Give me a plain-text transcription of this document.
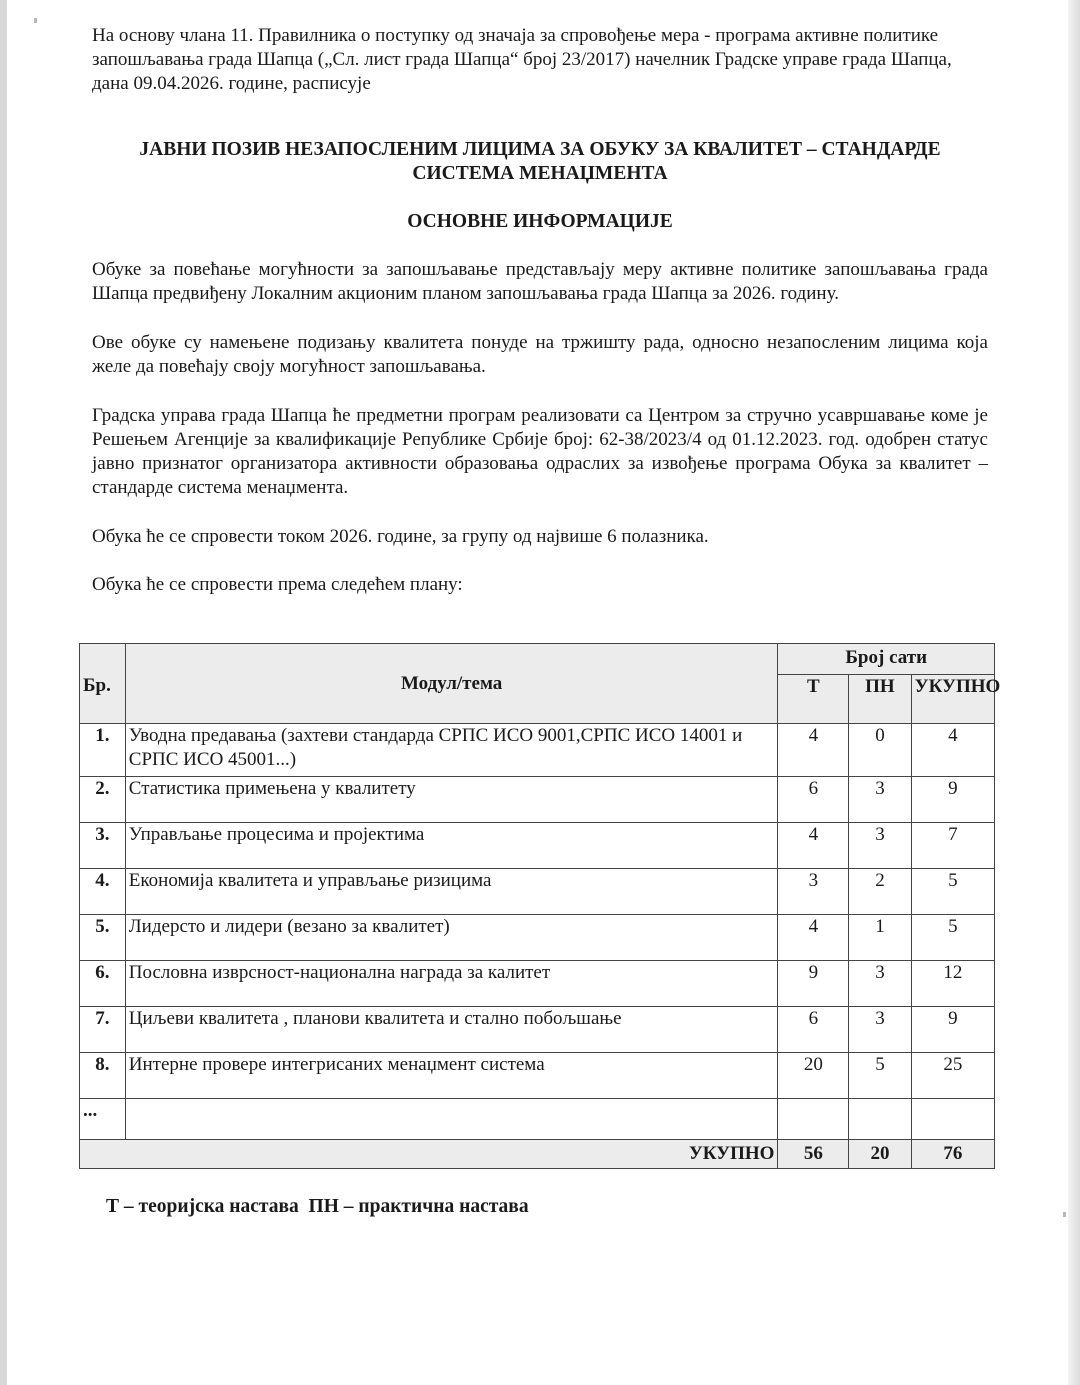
На основу члана 11. Правилника о поступку од значаја за спровођење мера - програма активне политике запошљавања града Шапца („Сл. лист града Шапца“ број 23/2017) начелник Градске управе града Шапца, дана 09.04.2026. године, расписује

ЈАВНИ ПОЗИВ НЕЗАПОСЛЕНИМ ЛИЦИМА ЗА ОБУКУ ЗА КВАЛИТЕТ – СТАНДАРДЕ
СИСТЕМА МЕНАЏМЕНТА
ОСНОВНЕ ИНФОРМАЦИЈЕ

Обуке за повећање могућности за запошљавање представљају меру активне политике запошљавања града Шапца предвиђену Локалним акционим планом запошљавања града Шапца за 2026. годину.

Ове обуке су намењене подизању квалитета понуде на тржишту рада, односно незапосленим лицима која желе да повећају своју могућност запошљавања.

Градска управа града Шапца ће предметни програм реализовати са Центром за стручно усавршавање коме је Решењем Агенције за квалификације Републике Србије број: 62-38/2023/4 од 01.12.2023. год. одобрен статус јавно признатог организатора активности образовања одраслих за извођење програма Обука за квалитет – стандарде система менаџмента.

Обука ће се спровести током 2026. године, за групу од највише 6 полазника.

Обука ће се спровести према следећем плану:

Бр.	Модул/тема	Број сати		
		Т	ПН	УКУПНО
1.	Уводна предавања (захтеви стандарда СРПС ИСО 9001,СРПС ИСО 14001 и СРПС ИСО 45001...)	4	0	4
2.	Статистика примењена у квалитету	6	3	9
3.	Управљање процесима и пројектима	4	3	7
4.	Економија квалитета и управљање ризицима	3	2	5
5.	Лидерсто и лидери (везано за квалитет)	4	1	5
6.	Пословна изврсност-национална награда за калитет	9	3	12
7.	Циљеви квалитета , планови квалитета и стално побољшање	6	3	9
8.	Интерне провере интегрисаних менаџмент система	20	5	25
...				
УКУПНО		56	20	76
Т – теоријска настава  ПН – практична настава
